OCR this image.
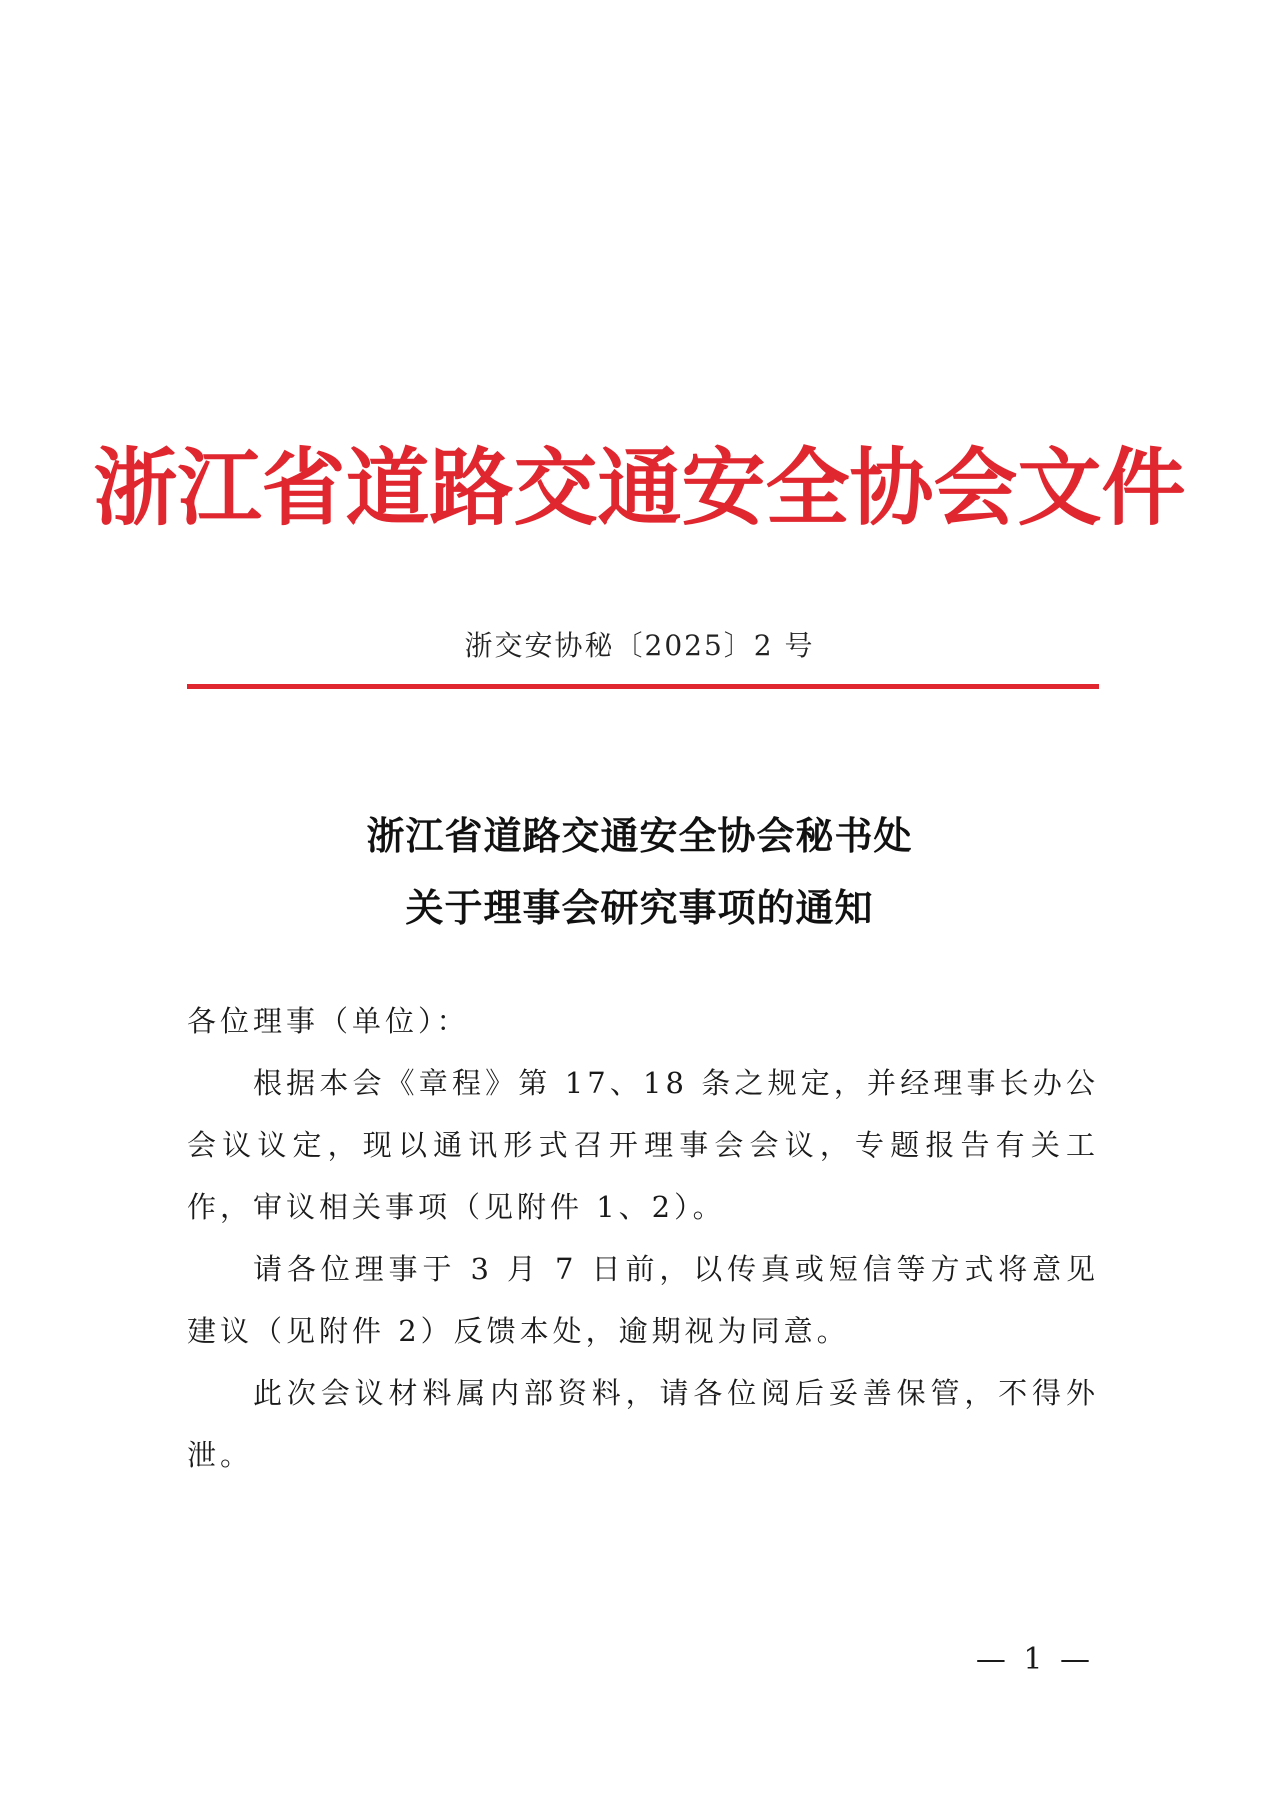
浙江省道路交通安全协会文件
浙交安协秘〔2025〕2 号
浙江省道路交通安全协会秘书处
关于理事会研究事项的通知

各位理事（单位）：

根据本会《章程》第 17、18 条之规定，并经理事长办公会议议定，现以通讯形式召开理事会会议，专题报告有关工作，审议相关事项（见附件 1、2）。

请各位理事于 3 月 7 日前，以传真或短信等方式将意见建议（见附件 2）反馈本处，逾期视为同意。

此次会议材料属内部资料，请各位阅后妥善保管，不得外泄。

— 1 —
